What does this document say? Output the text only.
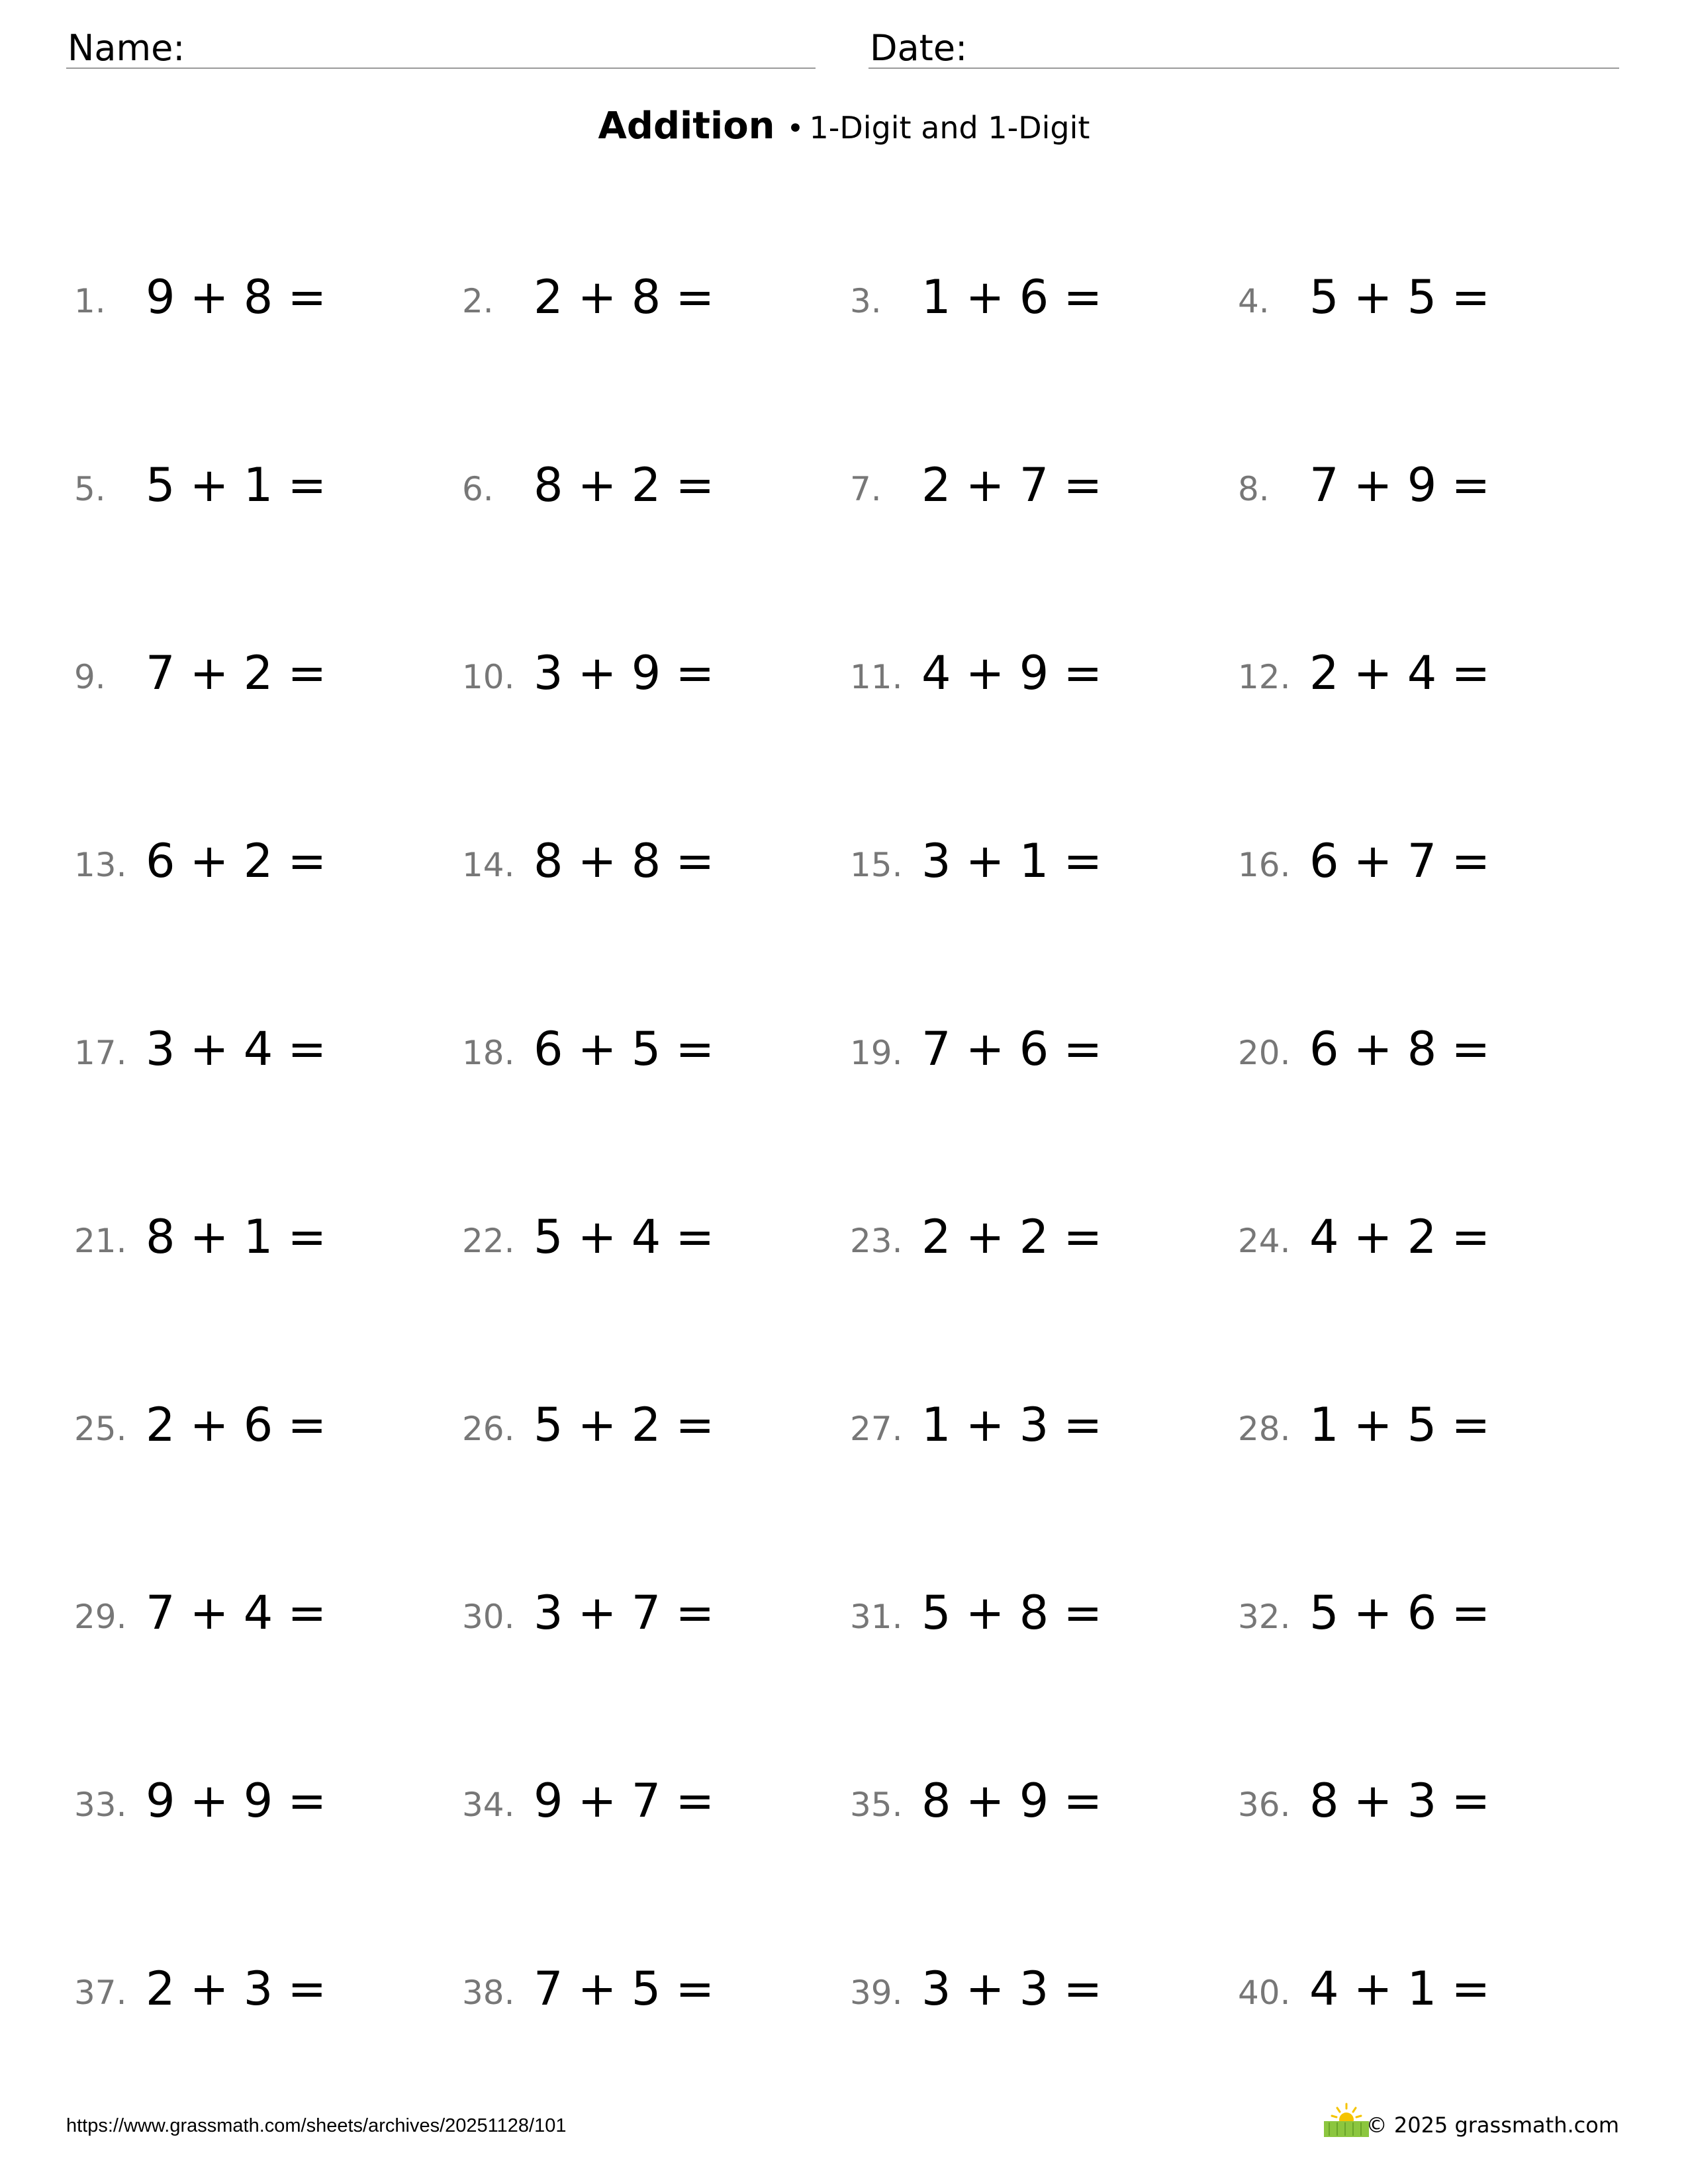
Name:	Date:
Addition • 1-Digit and 1-Digit
1. 9 + 8 =	2. 2 + 8 =	3. 1 + 6 =	4. 5 + 5 =
5. 5 + 1 =	6. 8 + 2 =	7. 2 + 7 =	8. 7 + 9 =
9. 7 + 2 =	10. 3 + 9 =	11. 4 + 9 =	12. 2 + 4 =
13. 6 + 2 =	14. 8 + 8 =	15. 3 + 1 =	16. 6 + 7 =
17. 3 + 4 =	18. 6 + 5 =	19. 7 + 6 =	20. 6 + 8 =
21. 8 + 1 =	22. 5 + 4 =	23. 2 + 2 =	24. 4 + 2 =
25. 2 + 6 =	26. 5 + 2 =	27. 1 + 3 =	28. 1 + 5 =
29. 7 + 4 =	30. 3 + 7 =	31. 5 + 8 =	32. 5 + 6 =
33. 9 + 9 =	34. 9 + 7 =	35. 8 + 9 =	36. 8 + 3 =
37. 2 + 3 =	38. 7 + 5 =	39. 3 + 3 =	40. 4 + 1 =
https://www.grassmath.com/sheets/archives/20251128/101	© 2025 grassmath.com
